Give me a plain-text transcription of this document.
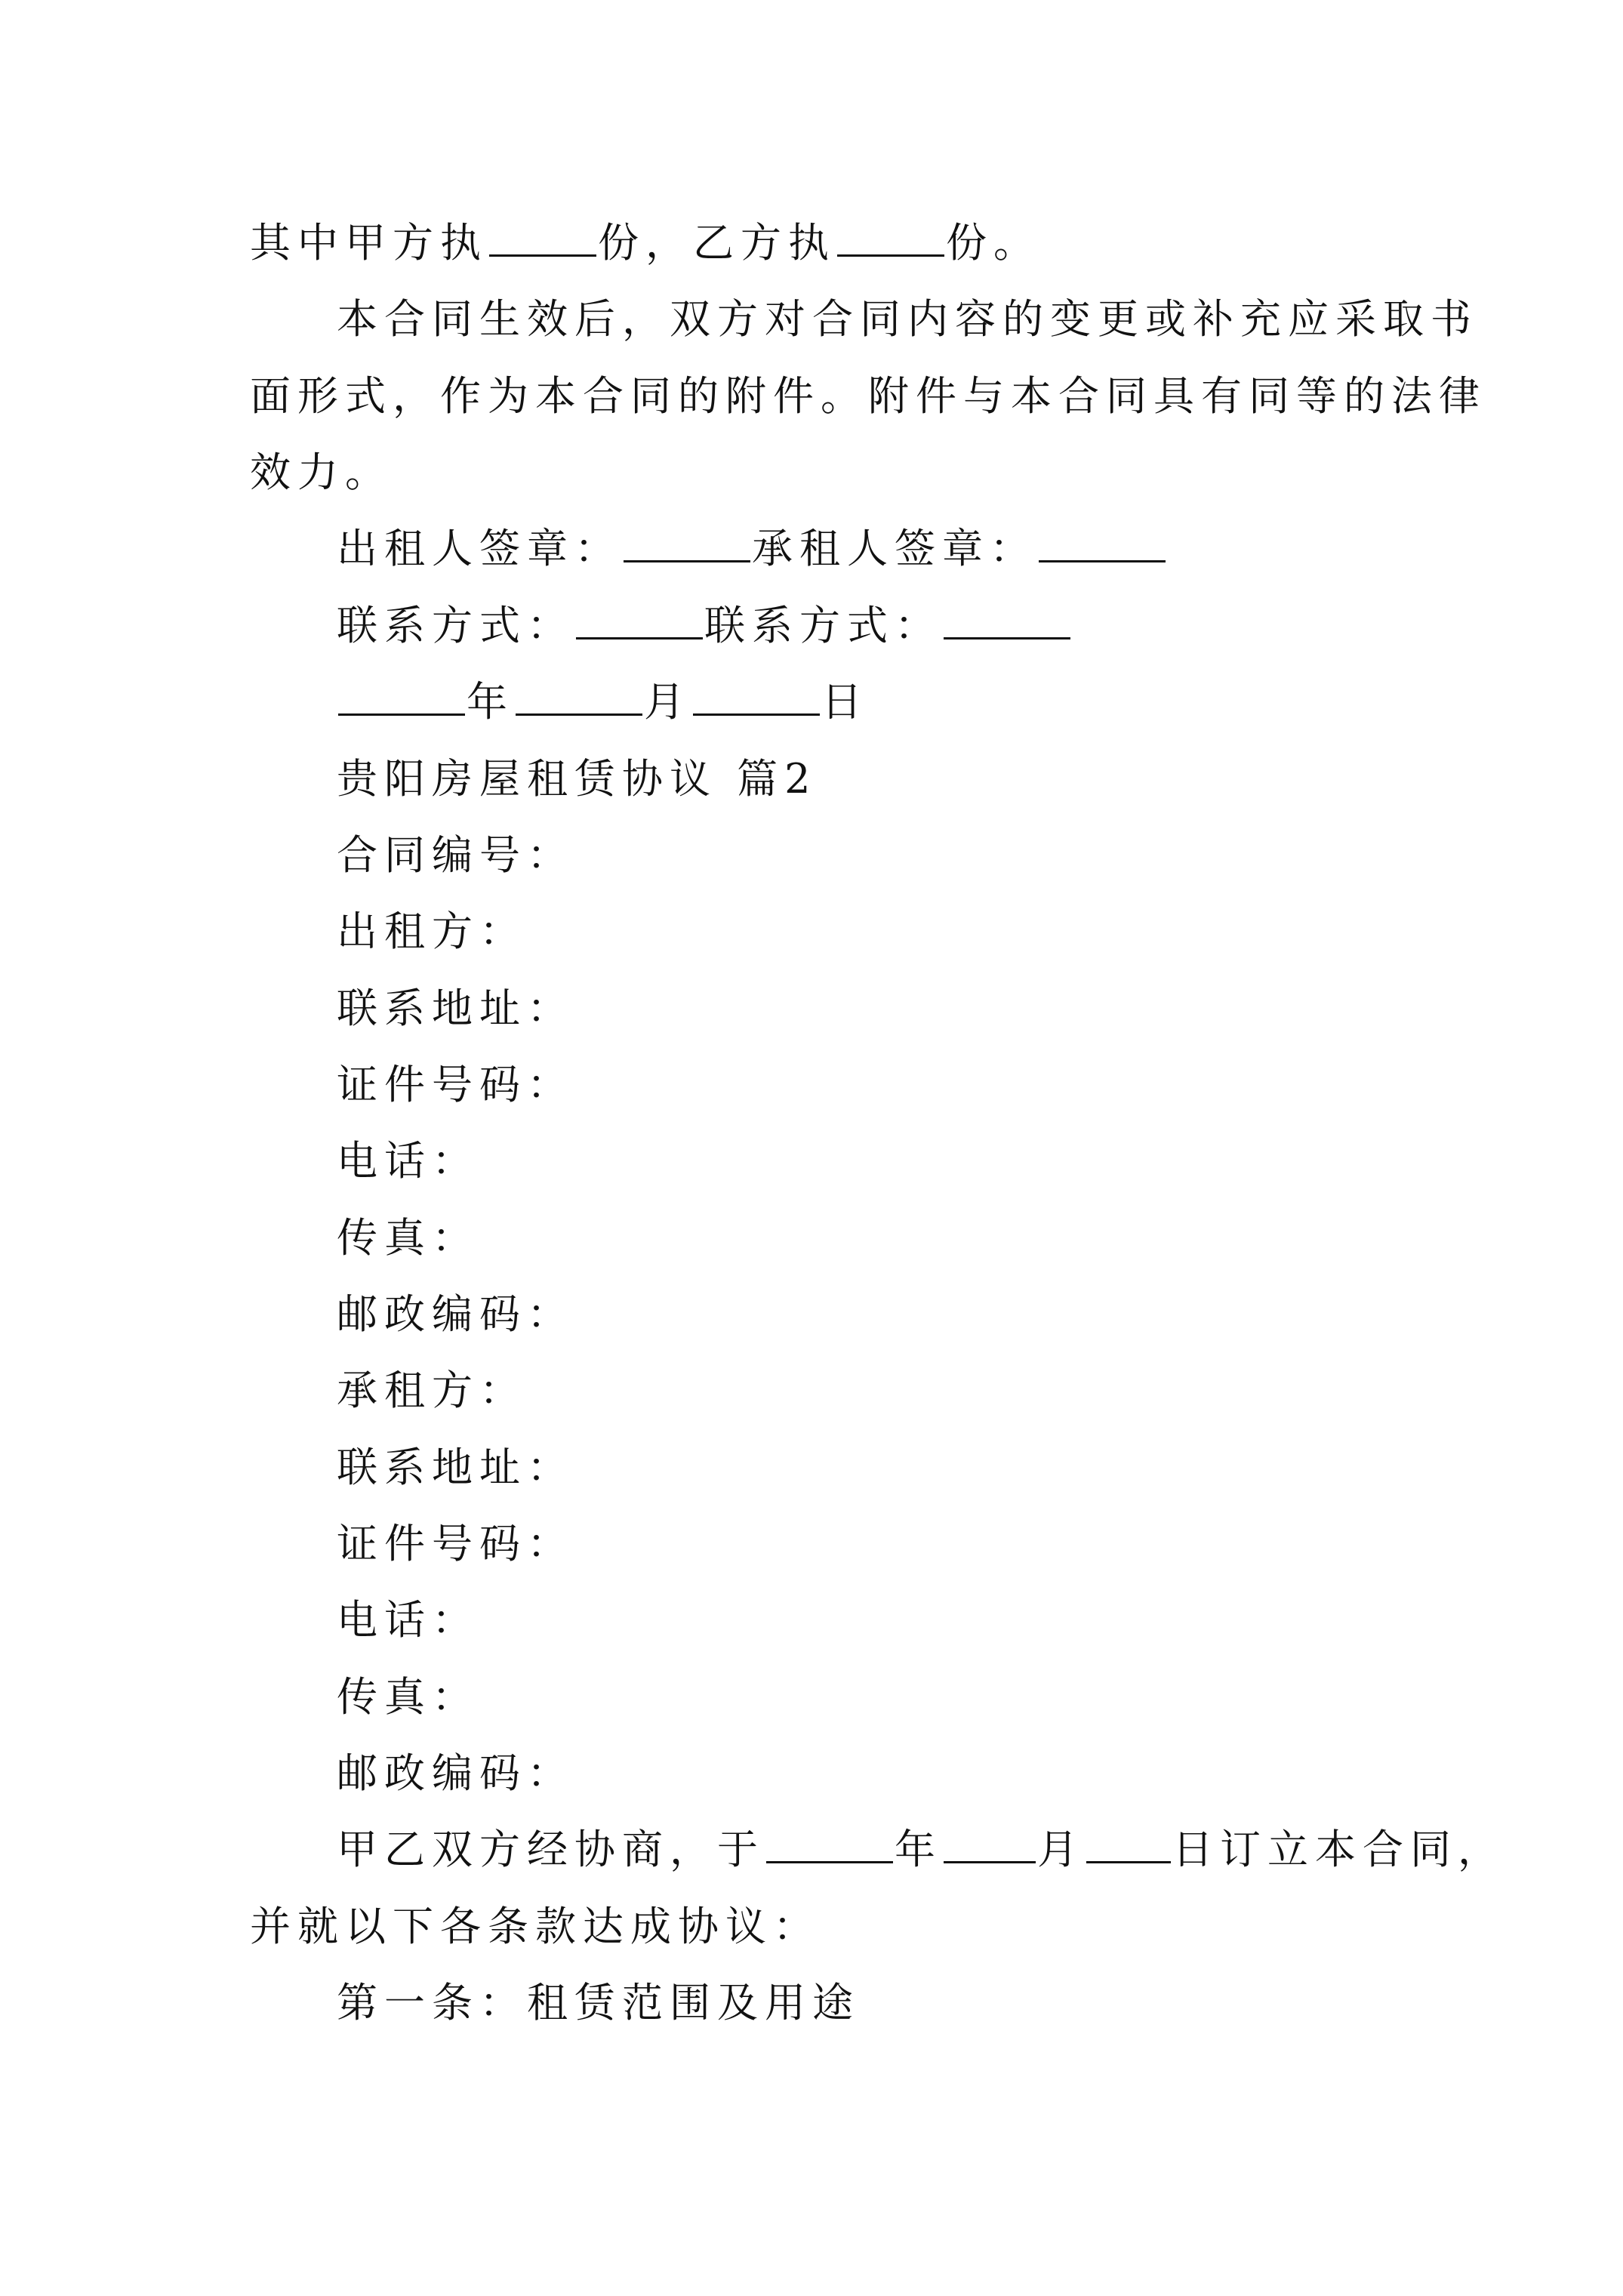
其中甲方执	份，乙方执	份。
本合同生效后，双方对合同内容的变更或补充应采取书
面形式，作为本合同的附件。附件与本合同具有同等的法律
效力。
出租人签章：	承租人签章：
联系方式：	联系方式：
年	月	日
贵阳房屋租赁协议 篇2
合同编号：
出租方：
联系地址：
证件号码：
电话：
传真：
邮政编码：
承租方：
联系地址：
证件号码：
电话：
传真：
邮政编码：
甲乙双方经协商，于	年 月 日订立本合同，
并就以下各条款达成协议：
第一条：租赁范围及用途
